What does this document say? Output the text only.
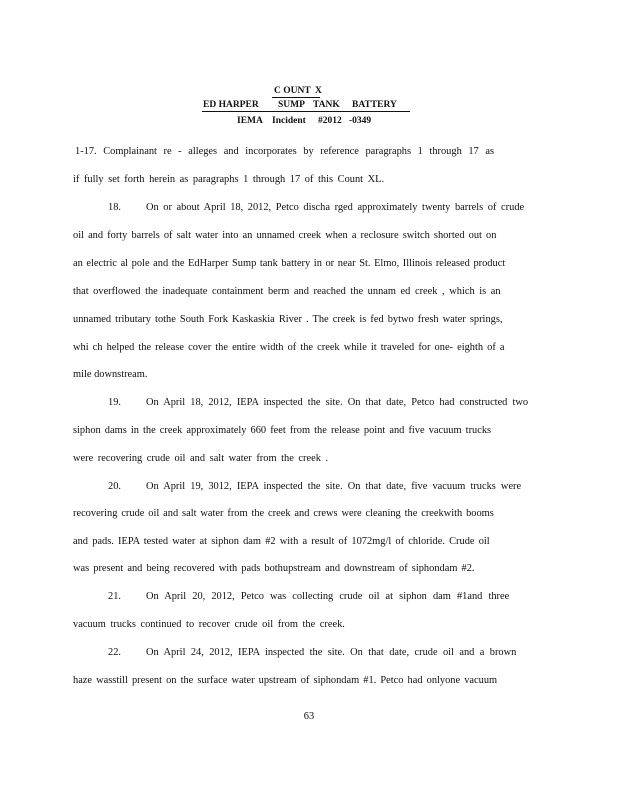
C OUNT X
ED HARPER SUMP TANK BATTERY
IEMA Incident #2012 -0349
1-17. Complainant re - alleges and incorporates by reference paragraphs 1 through 17 as
if fully set forth herein as paragraphs 1 through 17 of this Count XL.
18. On or about April 18, 2012, Petco discha rged approximately twenty barrels of crude
oil and forty barrels of salt water into an unnamed creek when a reclosure switch shorted out on
an electric al pole and the EdHarper Sump tank battery in or near St. Elmo, Illinois released product
that overflowed the inadequate containment berm and reached the unnam ed creek , which is an
unnamed tributary tothe South Fork Kaskaskia River . The creek is fed bytwo fresh water springs,
whi ch helped the release cover the entire width of the creek while it traveled for one- eighth of a
mile downstream.
19. On April 18, 2012, IEPA inspected the site. On that date, Petco had constructed two
siphon dams in the creek approximately 660 feet from the release point and five vacuum trucks
were recovering crude oil and salt water from the creek .
20. On April 19, 3012, IEPA inspected the site. On that date, five vacuum trucks were
recovering crude oil and salt water from the creek and crews were cleaning the creekwith booms
and pads. IEPA tested water at siphon dam #2 with a result of 1072mg/l of chloride. Crude oil
was present and being recovered with pads bothupstream and downstream of siphondam #2.
21. On April 20, 2012, Petco was collecting crude oil at siphon dam #1and three
vacuum trucks continued to recover crude oil from the creek.
22. On April 24, 2012, IEPA inspected the site. On that date, crude oil and a brown
haze wasstill present on the surface water upstream of siphondam #1. Petco had onlyone vacuum
63
